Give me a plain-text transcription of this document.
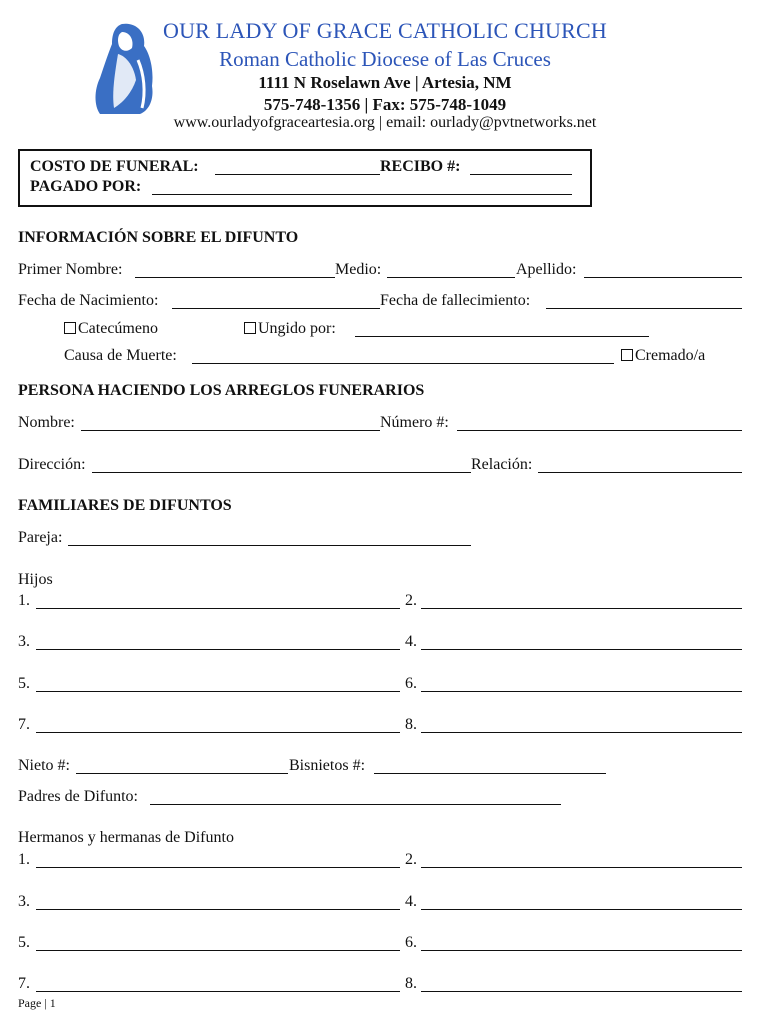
OUR LADY OF GRACE CATHOLIC CHURCH
Roman Catholic Diocese of Las Cruces
1111 N Roselawn Ave | Artesia, NM
575-748-1356 | Fax: 575-748-1049
www.ourladyofgraceartesia.org | email: ourlady@pvtnetworks.net
COSTO DE FUNERAL:	RECIBO #:
PAGADO POR:
INFORMACIÓN SOBRE EL DIFUNTO
Primer Nombre:	Medio:	Apellido:
Fecha de Nacimiento:	Fecha de fallecimiento:
Catecúmeno	Ungido por:
Causa de Muerte:	Cremado/a
PERSONA HACIENDO LOS ARREGLOS FUNERARIOS
Nombre:	Número #:
Dirección:	Relación:
FAMILIARES DE DIFUNTOS
Pareja:
Hijos
1.	2.
3.	4.
5.	6.
7.	8.
Nieto #:	Bisnietos #:
Padres de Difunto:
Hermanos y hermanas de Difunto
1.	2.
3.	4.
5.	6.
7.	8.
Page | 1
